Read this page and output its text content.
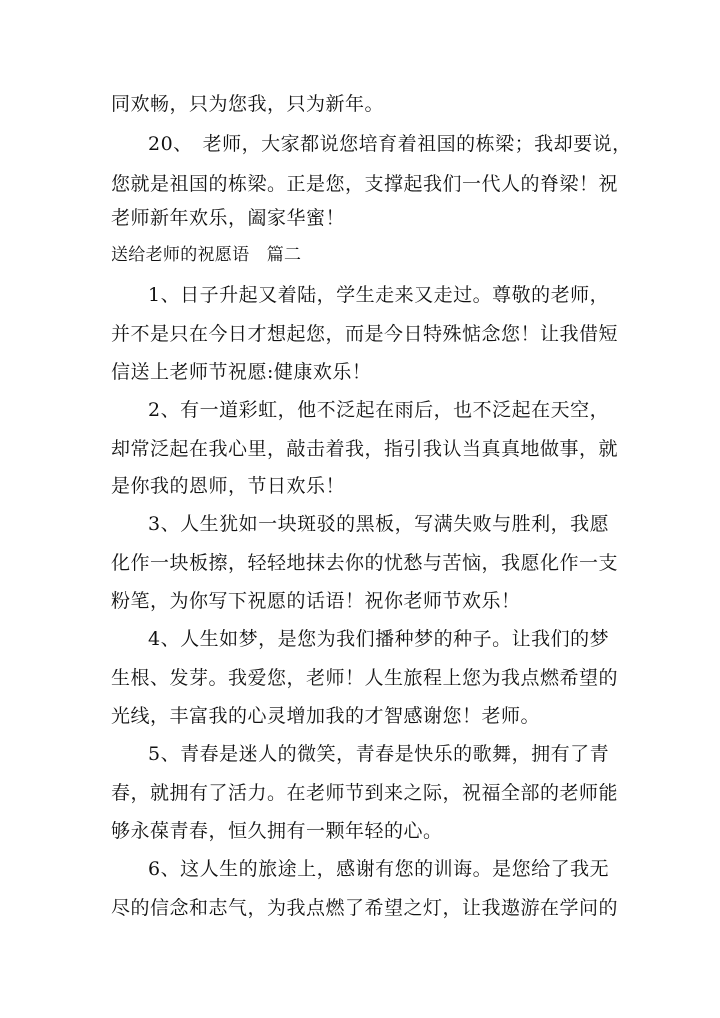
同欢畅，只为您我，只为新年。
20、　老师，大家都说您培育着祖国的栋梁；我却要说，
您就是祖国的栋梁。正是您，支撑起我们一代人的脊梁！祝
老师新年欢乐，阖家华蜜！
送给老师的祝愿语　篇二
1、日子升起又着陆，学生走来又走过。尊敬的老师，
并不是只在今日才想起您，而是今日特殊惦念您！让我借短
信送上老师节祝愿:健康欢乐！
2、有一道彩虹，他不泛起在雨后，也不泛起在天空，
却常泛起在我心里，敲击着我，指引我认当真真地做事，就
是你我的恩师，节日欢乐！
3、人生犹如一块斑驳的黑板，写满失败与胜利，我愿
化作一块板擦，轻轻地抹去你的忧愁与苦恼，我愿化作一支
粉笔，为你写下祝愿的话语！祝你老师节欢乐！
4、人生如梦，是您为我们播种梦的种子。让我们的梦
生根、发芽。我爱您，老师！人生旅程上您为我点燃希望的
光线，丰富我的心灵增加我的才智感谢您！老师。
5、青春是迷人的微笑，青春是快乐的歌舞，拥有了青
春，就拥有了活力。在老师节到来之际，祝福全部的老师能
够永葆青春，恒久拥有一颗年轻的心。
6、这人生的旅途上，感谢有您的训诲。是您给了我无
尽的信念和志气，为我点燃了希望之灯，让我遨游在学问的
